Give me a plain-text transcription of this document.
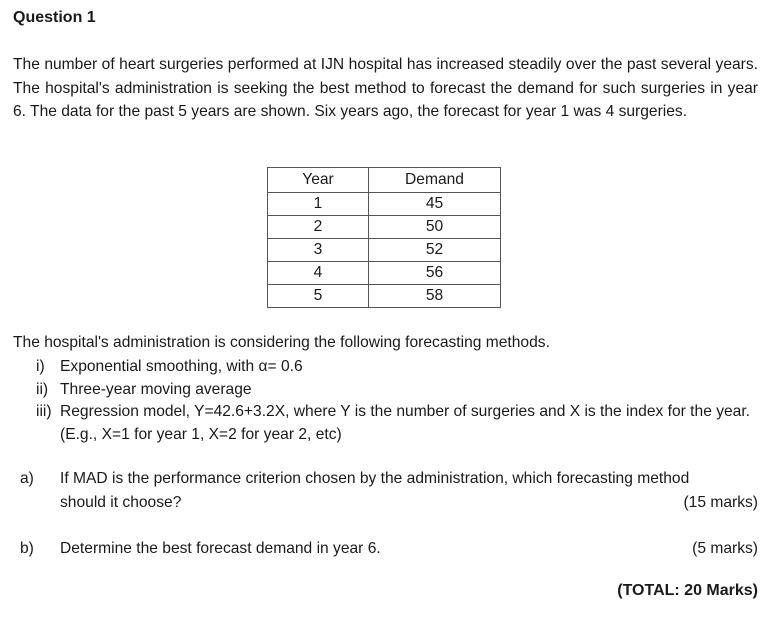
Question 1
The number of heart surgeries performed at IJN hospital has increased steadily over the past several years. The hospital's administration is seeking the best method to forecast the demand for such surgeries in year 6. The data for the past 5 years are shown. Six years ago, the forecast for year 1 was 4 surgeries.
Year	Demand
1	45
2	50
3	52
4	56
5	58
The hospital's administration is considering the following forecasting methods.
i) Exponential smoothing, with α= 0.6
ii) Three-year moving average
iii) Regression model, Y=42.6+3.2X, where Y is the number of surgeries and X is the index for the year. (E.g., X=1 for year 1, X=2 for year 2, etc)
a)	If MAD is the performance criterion chosen by the administration, which forecasting method
should it choose?	(15 marks)
b)	Determine the best forecast demand in year 6.	(5 marks)
(TOTAL: 20 Marks)
